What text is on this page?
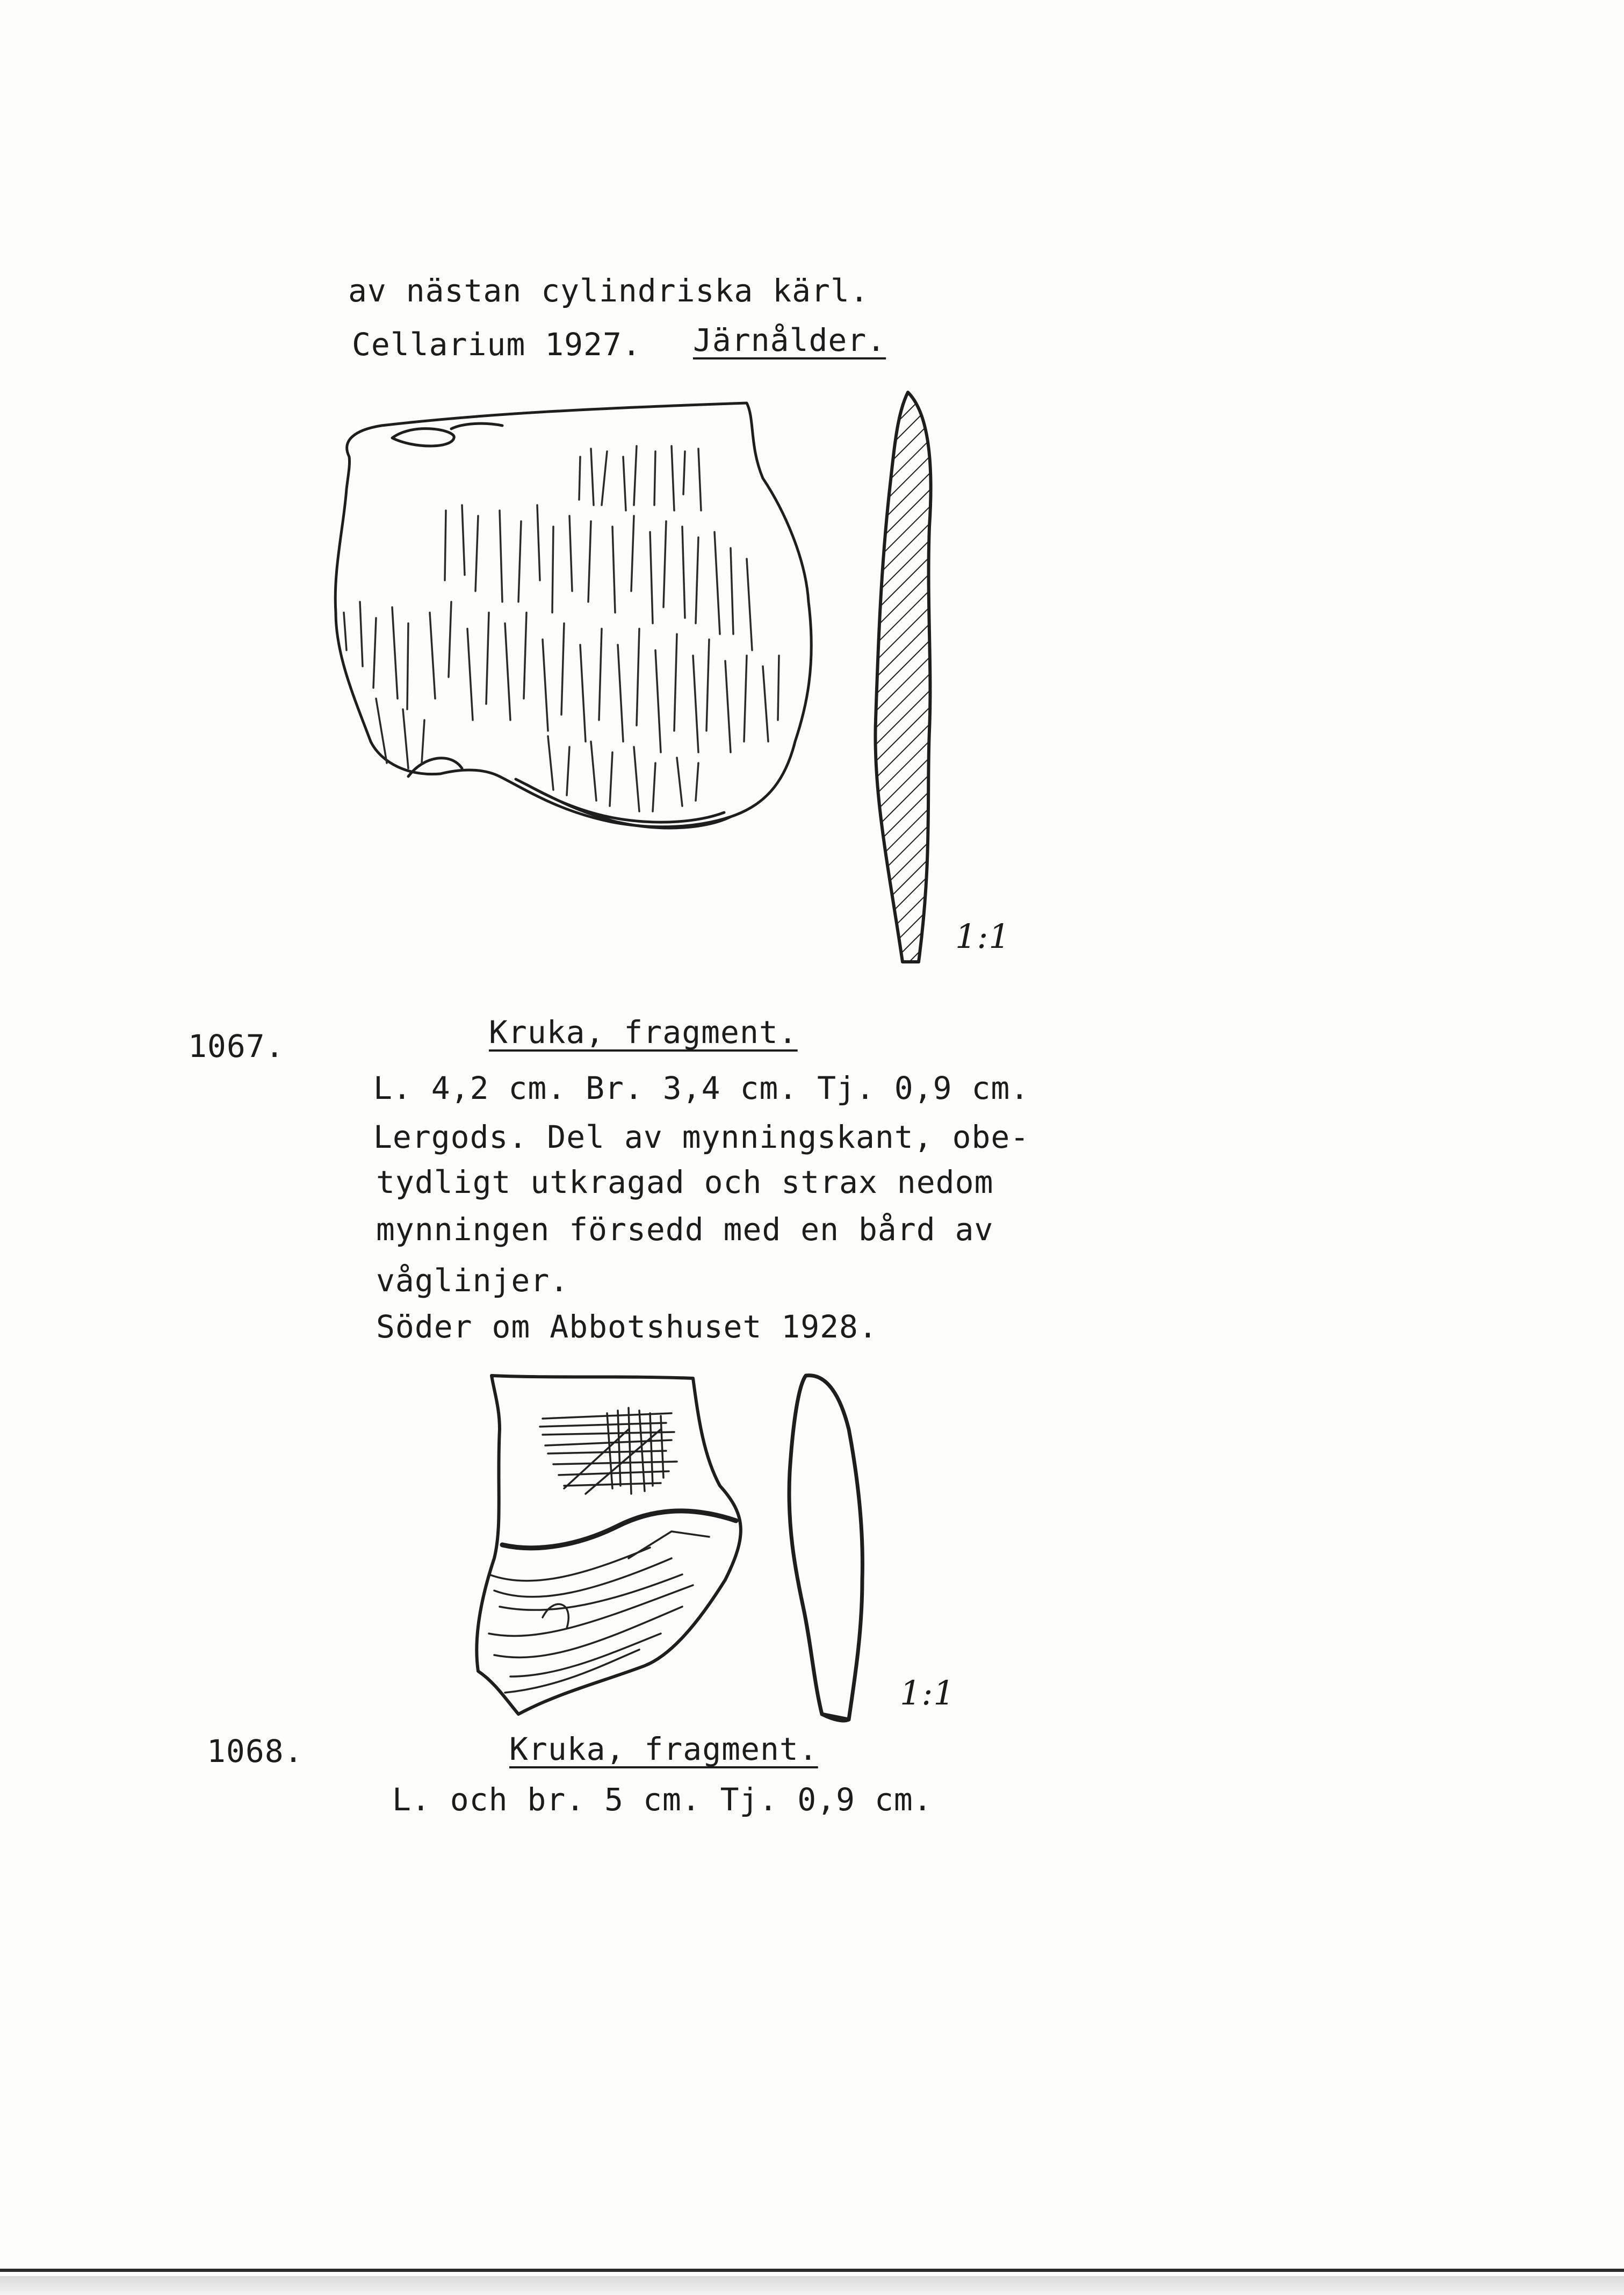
av nästan cylindriska kärl.
Cellarium 1927. Järnålder.
1:1
1067.	Kruka, fragment.
L. 4,2 cm. Br. 3,4 cm. Tj. 0,9 cm.
Lergods. Del av mynningskant, obe-
tydligt utkragad och strax nedom
mynningen försedd med en bård av
våglinjer.
Söder om Abbotshuset 1928.
1:1
1068.	Kruka, fragment.
L. och br. 5 cm. Tj. 0,9 cm.
